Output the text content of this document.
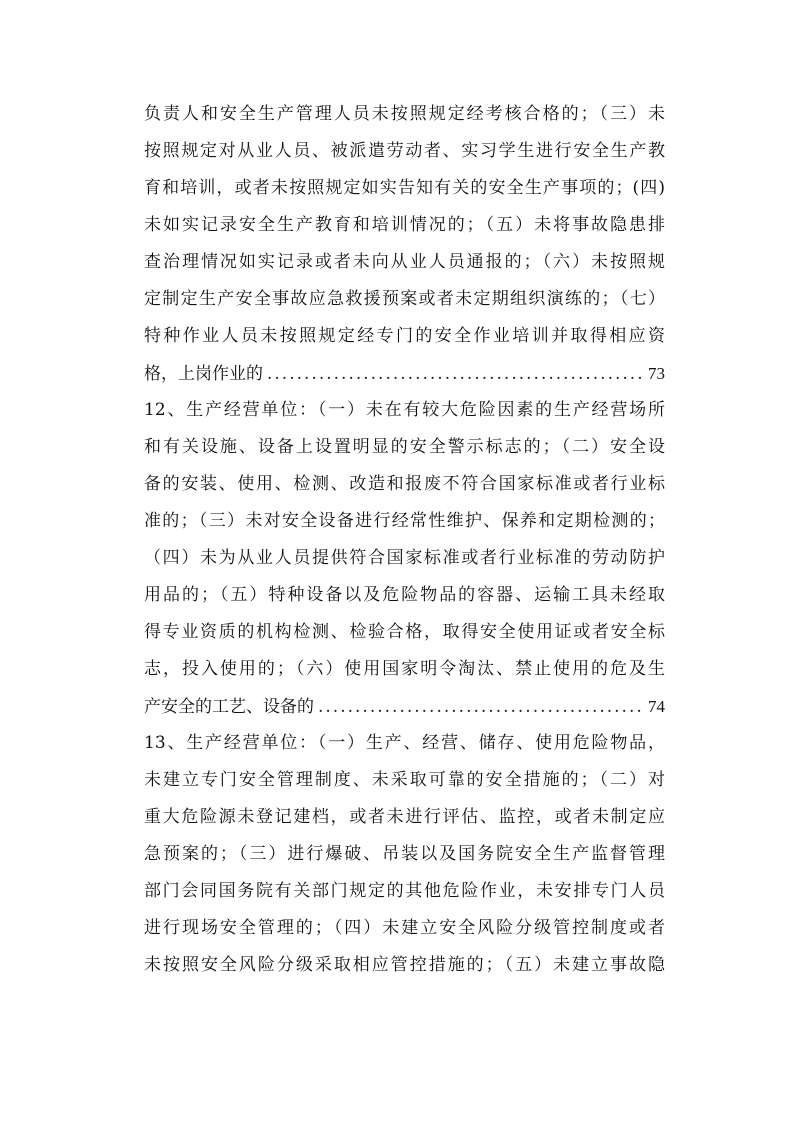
负责人和安全生产管理人员未按照规定经考核合格的；（三）未
按照规定对从业人员、被派遣劳动者、实习学生进行安全生产教
育和培训，或者未按照规定如实告知有关的安全生产事项的；(四)
未如实记录安全生产教育和培训情况的；（五）未将事故隐患排
查治理情况如实记录或者未向从业人员通报的；（六）未按照规
定制定生产安全事故应急救援预案或者未定期组织演练的；（七）
特种作业人员未按照规定经专门的安全作业培训并取得相应资
格，上岗作业的 .....	73
12、生产经营单位：（一）未在有较大危险因素的生产经营场所
和有关设施、设备上设置明显的安全警示标志的；（二）安全设
备的安装、使用、检测、改造和报废不符合国家标准或者行业标
准的；（三）未对安全设备进行经常性维护、保养和定期检测的；
（四）未为从业人员提供符合国家标准或者行业标准的劳动防护
用品的；（五）特种设备以及危险物品的容器、运输工具未经取
得专业资质的机构检测、检验合格，取得安全使用证或者安全标
志，投入使用的；（六）使用国家明令淘汰、禁止使用的危及生
产安全的工艺、设备的 .....	74
13、生产经营单位：（一）生产、经营、储存、使用危险物品，
未建立专门安全管理制度、未采取可靠的安全措施的；（二）对
重大危险源未登记建档，或者未进行评估、监控，或者未制定应
急预案的；（三）进行爆破、吊装以及国务院安全生产监督管理
部门会同国务院有关部门规定的其他危险作业，未安排专门人员
进行现场安全管理的；（四）未建立安全风险分级管控制度或者
未按照安全风险分级采取相应管控措施的；（五）未建立事故隐
